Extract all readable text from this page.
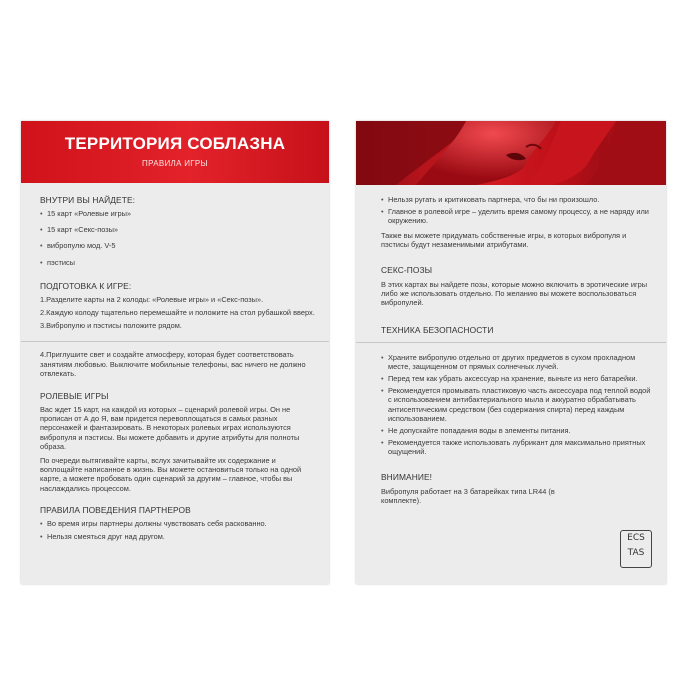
ТЕРРИТОРИЯ СОБЛАЗНА
ПРАВИЛА ИГРЫ
ВНУТРИ ВЫ НАЙДЕТЕ:
• 15 карт «Ролевые игры»
• 15 карт «Секс-позы»
• вибропулю мод. V-5
• пэстисы
ПОДГОТОВКА К ИГРЕ:
1.Разделите карты на 2 колоды: «Ролевые игры» и «Секс-позы».
2.Каждую колоду тщательно перемешайте и положите на стол рубашкой вверх.
3.Вибропулю и пэстисы положите рядом.
4.Приглушите свет и создайте атмосферу, которая будет соответствовать занятиям любовью. Выключите мобильные телефоны, вас ничего не должно отвлекать.
РОЛЕВЫЕ ИГРЫ

Вас ждет 15 карт, на каждой из которых – сценарий ролевой игры. Он не прописан от А до Я, вам придется перевоплощаться в самых разных персонажей и фантазировать. В некоторых ролевых играх используются вибропуля и пэстисы. Вы можете добавить и другие атрибуты для полноты образа.

По очереди вытягивайте карты, вслух зачитывайте их содержание и воплощайте написанное в жизнь. Вы можете остановиться только на одной карте, а можете пробовать один сценарий за другим – главное, чтобы вы наслаждались процессом.

ПРАВИЛА ПОВЕДЕНИЯ ПАРТНЕРОВ
• Во время игры партнеры должны чувствовать себя раскованно.
• Нельзя смеяться друг над другом.
• Нельзя ругать и критиковать партнера, что бы ни произошло.
• Главное в ролевой игре – уделить время самому процессу, а не наряду или окружению.

Также вы можете придумать собственные игры, в которых вибропуля и пэстисы будут незаменимыми атрибутами.

СЕКС-ПОЗЫ

В этих картах вы найдете позы, которые можно включить в эротические игры либо же использовать отдельно. По желанию вы можете воспользоваться вибропулей.

ТЕХНИКА БЕЗОПАСНОСТИ
• Храните вибропулю отдельно от других предметов в сухом прохладном месте, защищенном от прямых солнечных лучей.
• Перед тем как убрать аксессуар на хранение, выньте из него батарейки.
• Рекомендуется промывать пластиковую часть аксессуара под теплой водой с использованием антибактериального мыла и аккуратно обрабатывать антисептическим средством (без содержания спирта) перед каждым использованием.
• Не допускайте попадания воды в элементы питания.
• Рекомендуется также использовать лубрикант для максимально приятных ощущений.
ВНИМАНИЕ!

Вибропуля работает на 3 батарейках типа LR44 (в комплекте).

ECS
TAS
